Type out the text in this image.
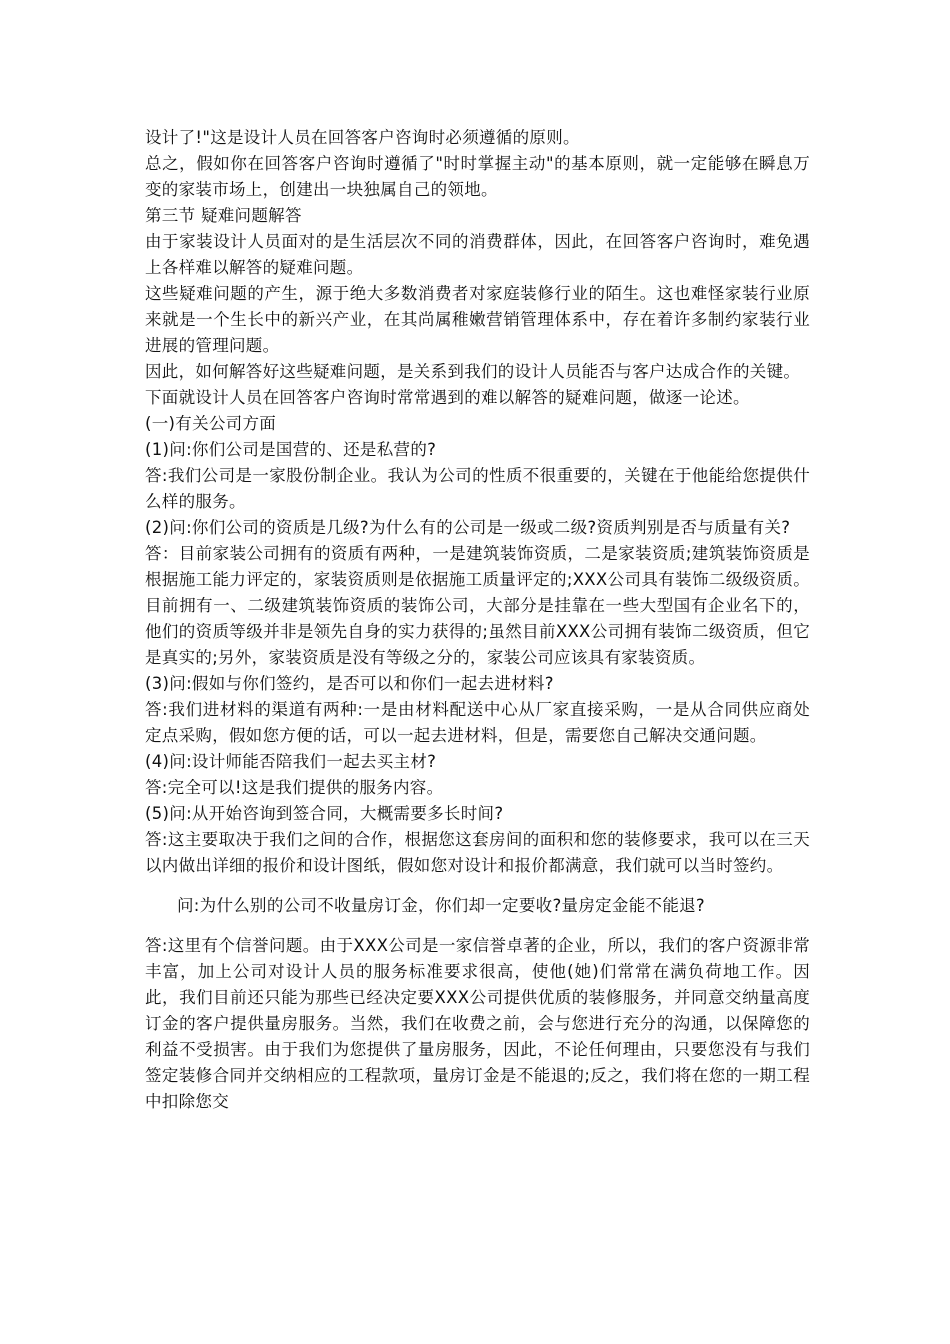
设计了!"这是设计人员在回答客户咨询时必须遵循的原则。

总之，假如你在回答客户咨询时遵循了"时时掌握主动"的基本原则，就一定能够在瞬息万变的家装市场上，创建出一块独属自己的领地。

第三节 疑难问题解答

由于家装设计人员面对的是生活层次不同的消费群体，因此，在回答客户咨询时，难免遇上各样难以解答的疑难问题。

这些疑难问题的产生，源于绝大多数消费者对家庭装修行业的陌生。这也难怪家装行业原来就是一个生长中的新兴产业，在其尚属稚嫩营销管理体系中，存在着许多制约家装行业进展的管理问题。

因此，如何解答好这些疑难问题，是关系到我们的设计人员能否与客户达成合作的关键。

下面就设计人员在回答客户咨询时常常遇到的难以解答的疑难问题，做逐一论述。

(一)有关公司方面

(1)问:你们公司是国营的、还是私营的?

答:我们公司是一家股份制企业。我认为公司的性质不很重要的，关键在于他能给您提供什么样的服务。

(2)问:你们公司的资质是几级?为什么有的公司是一级或二级?资质判别是否与质量有关?

答：目前家装公司拥有的资质有两种，一是建筑装饰资质，二是家装资质;建筑装饰资质是根据施工能力评定的，家装资质则是依据施工质量评定的;XXX公司具有装饰二级级资质。目前拥有一、二级建筑装饰资质的装饰公司，大部分是挂靠在一些大型国有企业名下的，他们的资质等级并非是领先自身的实力获得的;虽然目前XXX公司拥有装饰二级资质，但它是真实的;另外，家装资质是没有等级之分的，家装公司应该具有家装资质。

(3)问:假如与你们签约，是否可以和你们一起去进材料?

答:我们进材料的渠道有两种:一是由材料配送中心从厂家直接采购，一是从合同供应商处定点采购，假如您方便的话，可以一起去进材料，但是，需要您自己解决交通问题。

(4)问:设计师能否陪我们一起去买主材?

答:完全可以!这是我们提供的服务内容。

(5)问:从开始咨询到签合同，大概需要多长时间?

答:这主要取决于我们之间的合作，根据您这套房间的面积和您的装修要求，我可以在三天以内做出详细的报价和设计图纸，假如您对设计和报价都满意，我们就可以当时签约。

问:为什么别的公司不收量房订金，你们却一定要收?量房定金能不能退?

答:这里有个信誉问题。由于XXX公司是一家信誉卓著的企业，所以，我们的客户资源非常丰富，加上公司对设计人员的服务标准要求很高，使他(她)们常常在满负荷地工作。因此，我们目前还只能为那些已经决定要XXX公司提供优质的装修服务，并同意交纳量高度订金的客户提供量房服务。当然，我们在收费之前，会与您进行充分的沟通，以保障您的利益不受损害。由于我们为您提供了量房服务，因此，不论任何理由，只要您没有与我们签定装修合同并交纳相应的工程款项，量房订金是不能退的;反之，我们将在您的一期工程中扣除您交
